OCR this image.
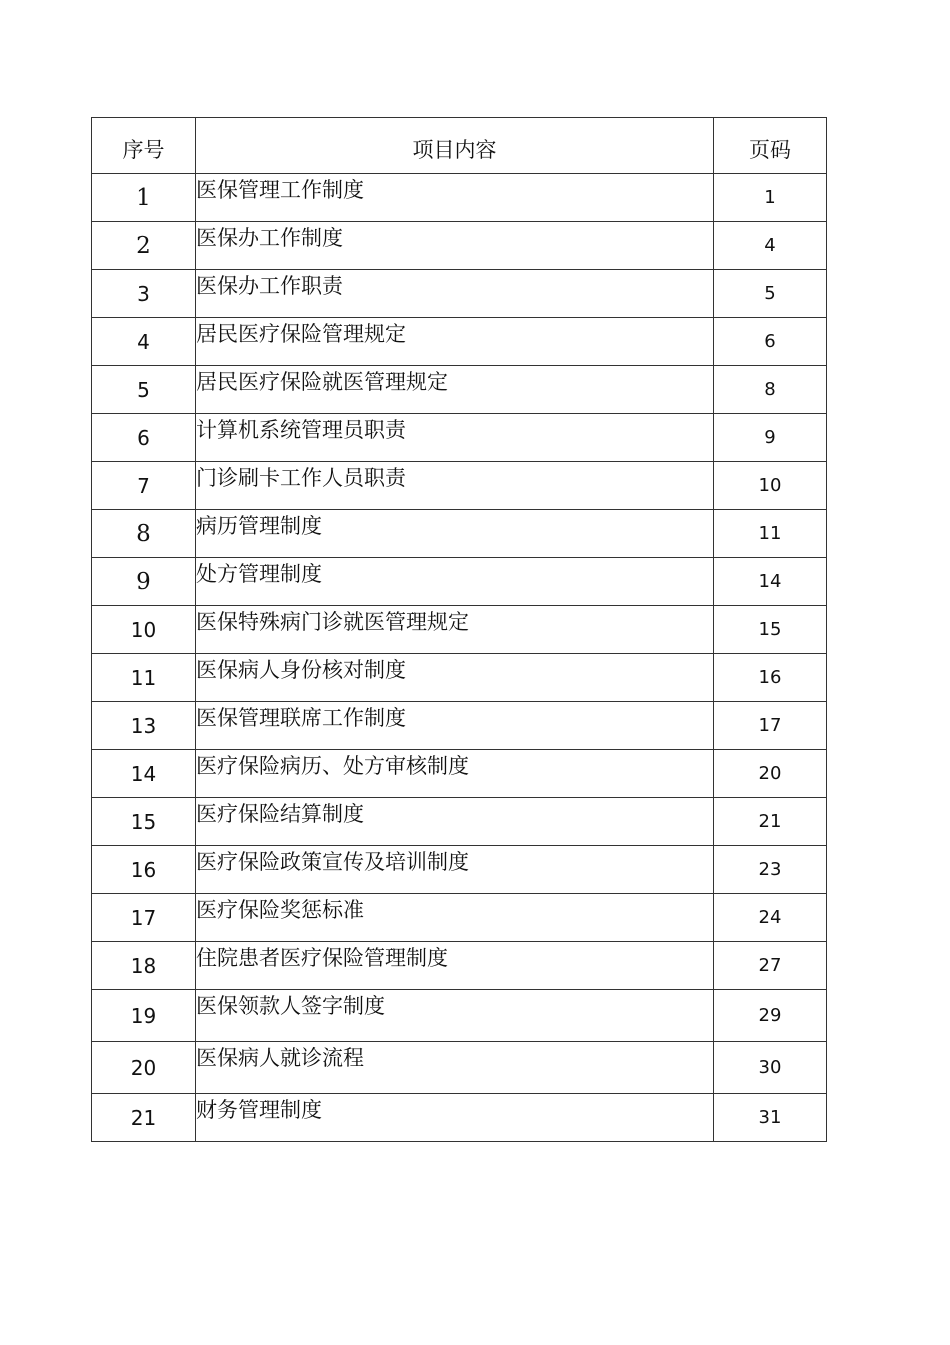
序号	项目内容	页码
1	医保管理工作制度	1
2	医保办工作制度	4
3	医保办工作职责	5
4	居民医疗保险管理规定	6
5	居民医疗保险就医管理规定	8
6	计算机系统管理员职责	9
7	门诊刷卡工作人员职责	10
8	病历管理制度	11
9	处方管理制度	14
10	医保特殊病门诊就医管理规定	15
11	医保病人身份核对制度	16
13	医保管理联席工作制度	17
14	医疗保险病历、处方审核制度	20
15	医疗保险结算制度	21
16	医疗保险政策宣传及培训制度	23
17	医疗保险奖惩标准	24
18	住院患者医疗保险管理制度	27
19	医保领款人签字制度	29
20	医保病人就诊流程	30
21	财务管理制度	31
